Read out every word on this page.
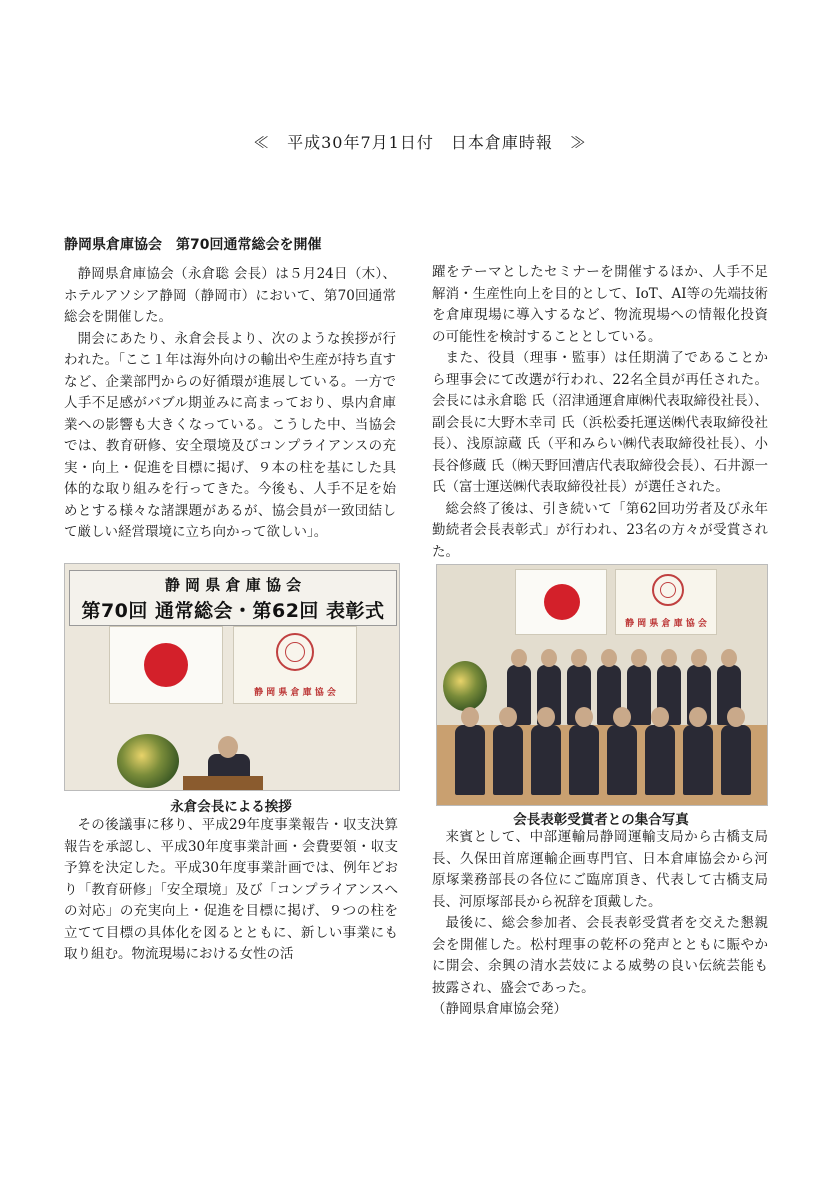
≪　平成30年7月1日付　日本倉庫時報　≫
静岡県倉庫協会　第70回通常総会を開催

静岡県倉庫協会（永倉聡 会長）は５月24日（木）、ホテルアソシア静岡（静岡市）において、第70回通常総会を開催した。

開会にあたり、永倉会長より、次のような挨拶が行われた。「ここ１年は海外向けの輸出や生産が持ち直すなど、企業部門からの好循環が進展している。一方で人手不足感がバブル期並みに高まっており、県内倉庫業への影響も大きくなっている。こうした中、当協会では、教育研修、安全環境及びコンプライアンスの充実・向上・促進を目標に掲げ、９本の柱を基にした具体的な取り組みを行ってきた。今後も、人手不足を始めとする様々な諸課題があるが、協会員が一致団結して厳しい経営環境に立ち向かって欲しい」。

静 岡 県 倉 庫 協 会
第70回 通常総会・第62回 表彰式
静 岡 県 倉 庫 協 会
永倉会長による挨拶

その後議事に移り、平成29年度事業報告・収支決算報告を承認し、平成30年度事業計画・会費要領・収支予算を決定した。平成30年度事業計画では、例年どおり「教育研修」「安全環境」及び「コンプライアンスへの対応」の充実向上・促進を目標に掲げ、９つの柱を立てて目標の具体化を図るとともに、新しい事業にも取り組む。物流現場における女性の活

躍をテーマとしたセミナーを開催するほか、人手不足解消・生産性向上を目的として、IoT、AI等の先端技術を倉庫現場に導入するなど、物流現場への情報化投資の可能性を検討することとしている。

また、役員（理事・監事）は任期満了であることから理事会にて改選が行われ、22名全員が再任された。会長には永倉聡 氏（沼津通運倉庫㈱代表取締役社長）、副会長に大野木幸司 氏（浜松委托運送㈱代表取締役社長）、浅原諒蔵 氏（平和みらい㈱代表取締役社長）、小長谷修蔵 氏（㈱天野回漕店代表取締役会長）、石井源一氏（富士運送㈱代表取締役社長）が選任された。

総会終了後は、引き続いて「第62回功労者及び永年勤続者会長表彰式」が行われ、23名の方々が受賞された。

静 岡 県 倉 庫 協 会
会長表彰受賞者との集合写真

来賓として、中部運輸局静岡運輸支局から古橋支局長、久保田首席運輸企画専門官、日本倉庫協会から河原塚業務部長の各位にご臨席頂き、代表して古橋支局長、河原塚部長から祝辞を頂戴した。

最後に、総会参加者、会長表彰受賞者を交えた懇親会を開催した。松村理事の乾杯の発声とともに賑やかに開会、余興の清水芸妓による威勢の良い伝統芸能も披露され、盛会であった。

（静岡県倉庫協会発）
